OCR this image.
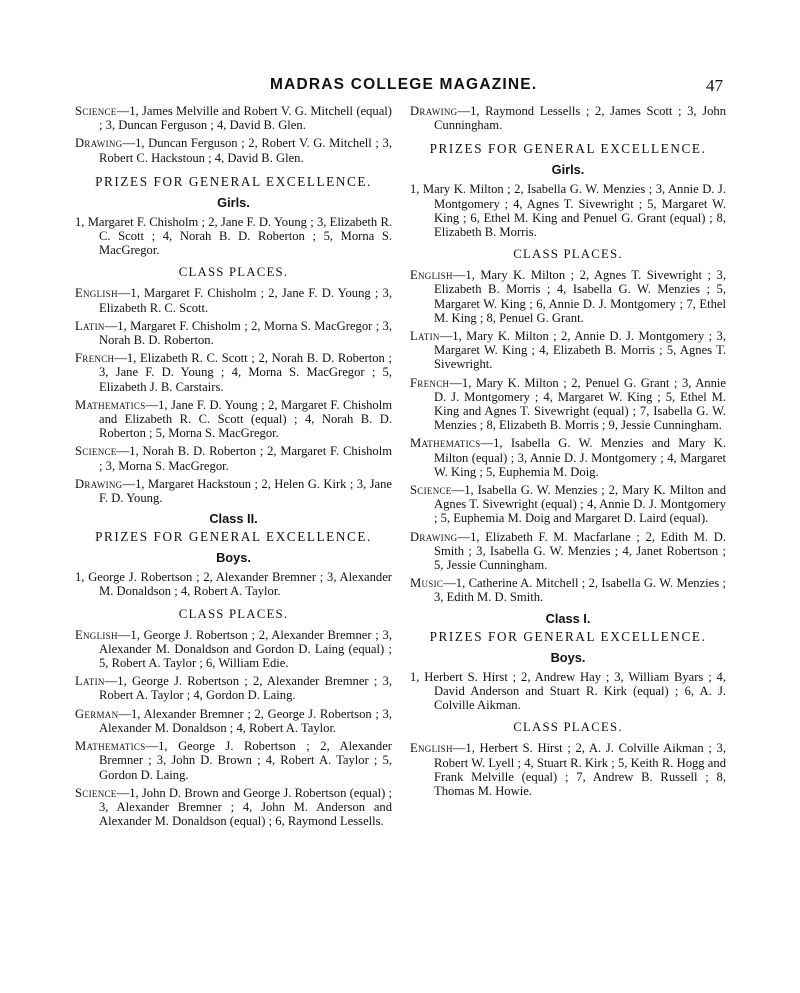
MADRAS COLLEGE MAGAZINE.	47

Science—1, James Melville and Robert V. G. Mitchell (equal) ; 3, Duncan Ferguson ; 4, David B. Glen.

Drawing—1, Duncan Ferguson ; 2, Robert V. G. Mitchell ; 3, Robert C. Hackstoun ; 4, David B. Glen.

PRIZES FOR GENERAL EXCELLENCE.
Girls.

1, Margaret F. Chisholm ; 2, Jane F. D. Young ; 3, Elizabeth R. C. Scott ; 4, Norah B. D. Roberton ; 5, Morna S. MacGregor.

CLASS PLACES.

English—1, Margaret F. Chisholm ; 2, Jane F. D. Young ; 3, Elizabeth R. C. Scott.

Latin—1, Margaret F. Chisholm ; 2, Morna S. MacGregor ; 3, Norah B. D. Roberton.

French—1, Elizabeth R. C. Scott ; 2, Norah B. D. Roberton ; 3, Jane F. D. Young ; 4, Morna S. MacGregor ; 5, Elizabeth J. B. Carstairs.

Mathematics—1, Jane F. D. Young ; 2, Margaret F. Chisholm and Elizabeth R. C. Scott (equal) ; 4, Norah B. D. Roberton ; 5, Morna S. MacGregor.

Science—1, Norah B. D. Roberton ; 2, Margaret F. Chisholm ; 3, Morna S. MacGregor.

Drawing—1, Margaret Hackstoun ; 2, Helen G. Kirk ; 3, Jane F. D. Young.

Class II.
PRIZES FOR GENERAL EXCELLENCE.
Boys.

1, George J. Robertson ; 2, Alexander Bremner ; 3, Alexander M. Donaldson ; 4, Robert A. Taylor.

CLASS PLACES.

English—1, George J. Robertson ; 2, Alexander Bremner ; 3, Alexander M. Donaldson and Gordon D. Laing (equal) ; 5, Robert A. Taylor ; 6, William Edie.

Latin—1, George J. Robertson ; 2, Alexander Bremner ; 3, Robert A. Taylor ; 4, Gordon D. Laing.

German—1, Alexander Bremner ; 2, George J. Robertson ; 3, Alexander M. Donaldson ; 4, Robert A. Taylor.

Mathematics—1, George J. Robertson ; 2, Alexander Bremner ; 3, John D. Brown ; 4, Robert A. Taylor ; 5, Gordon D. Laing.

Science—1, John D. Brown and George J. Robertson (equal) ; 3, Alexander Bremner ; 4, John M. Anderson and Alexander M. Donaldson (equal) ; 6, Raymond Lessells.

Drawing—1, Raymond Lessells ; 2, James Scott ; 3, John Cunningham.

PRIZES FOR GENERAL EXCELLENCE.
Girls.

1, Mary K. Milton ; 2, Isabella G. W. Menzies ; 3, Annie D. J. Montgomery ; 4, Agnes T. Sivewright ; 5, Margaret W. King ; 6, Ethel M. King and Penuel G. Grant (equal) ; 8, Elizabeth B. Morris.

CLASS PLACES.

English—1, Mary K. Milton ; 2, Agnes T. Sivewright ; 3, Elizabeth B. Morris ; 4, Isabella G. W. Menzies ; 5, Margaret W. King ; 6, Annie D. J. Montgomery ; 7, Ethel M. King ; 8, Penuel G. Grant.

Latin—1, Mary K. Milton ; 2, Annie D. J. Montgomery ; 3, Margaret W. King ; 4, Elizabeth B. Morris ; 5, Agnes T. Sivewright.

French—1, Mary K. Milton ; 2, Penuel G. Grant ; 3, Annie D. J. Montgomery ; 4, Margaret W. King ; 5, Ethel M. King and Agnes T. Sivewright (equal) ; 7, Isabella G. W. Menzies ; 8, Elizabeth B. Morris ; 9, Jessie Cunningham.

Mathematics—1, Isabella G. W. Menzies and Mary K. Milton (equal) ; 3, Annie D. J. Montgomery ; 4, Margaret W. King ; 5, Euphemia M. Doig.

Science—1, Isabella G. W. Menzies ; 2, Mary K. Milton and Agnes T. Sivewright (equal) ; 4, Annie D. J. Montgomery ; 5, Euphemia M. Doig and Margaret D. Laird (equal).

Drawing—1, Elizabeth F. M. Macfarlane ; 2, Edith M. D. Smith ; 3, Isabella G. W. Menzies ; 4, Janet Robertson ; 5, Jessie Cunningham.

Music—1, Catherine A. Mitchell ; 2, Isabella G. W. Menzies ; 3, Edith M. D. Smith.

Class I.
PRIZES FOR GENERAL EXCELLENCE.
Boys.

1, Herbert S. Hirst ; 2, Andrew Hay ; 3, William Byars ; 4, David Anderson and Stuart R. Kirk (equal) ; 6, A. J. Colville Aikman.

CLASS PLACES.

English—1, Herbert S. Hirst ; 2, A. J. Colville Aikman ; 3, Robert W. Lyell ; 4, Stuart R. Kirk ; 5, Keith R. Hogg and Frank Melville (equal) ; 7, Andrew B. Russell ; 8, Thomas M. Howie.
